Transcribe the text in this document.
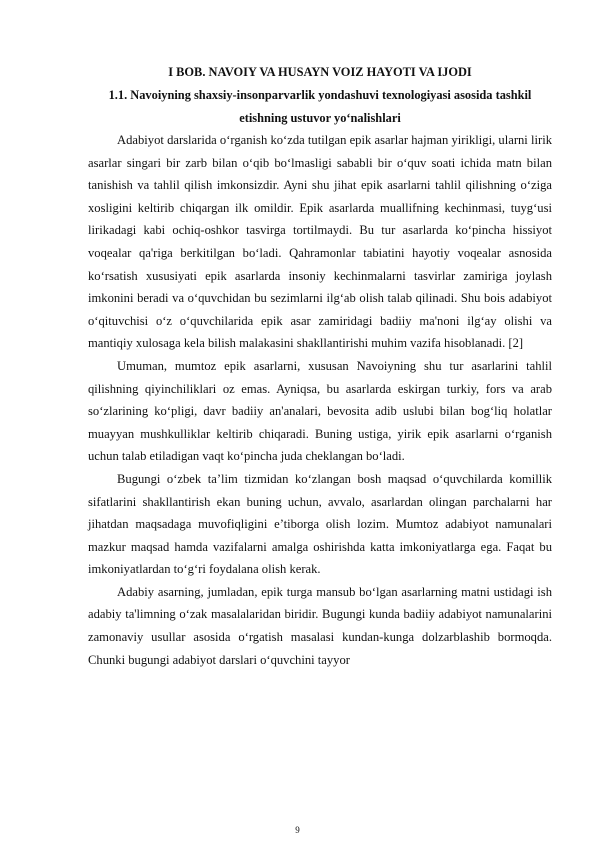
I BOB. NAVOIY VA HUSAYN VOIZ HAYOTI VA IJODI
1.1. Navoiyning shaxsiy-insonparvarlik yondashuvi texnologiyasi asosida tashkil etishning ustuvor yo‘nalishlari

Adabiyot darslarida o‘rganish ko‘zda tutilgan epik asarlar hajman yirikligi, ularni lirik asarlar singari bir zarb bilan o‘qib bo‘lmasligi sababli bir o‘quv soati ichida matn bilan tanishish va tahlil qilish imkonsizdir. Ayni shu jihat epik asarlarni tahlil qilishning o‘ziga xosligini keltirib chiqargan ilk omildir. Epik asarlarda muallifning kechinmasi, tuyg‘usi lirikadagi kabi ochiq-oshkor tasvirga tortilmaydi. Bu tur asarlarda ko‘pincha hissiyot voqealar qa'riga berkitilgan bo‘ladi. Qahramonlar tabiatini hayotiy voqealar asnosida ko‘rsatish xususiyati epik asarlarda insoniy kechinmalarni tasvirlar zamiriga joylash imkonini beradi va o‘quvchidan bu sezimlarni ilg‘ab olish talab qilinadi. Shu bois adabiyot o‘qituvchisi o‘z o‘quvchilarida epik asar zamiridagi badiiy ma'noni ilg‘ay olishi va mantiqiy xulosaga kela bilish malakasini shakllantirishi muhim vazifa hisoblanadi. [2]

Umuman, mumtoz epik asarlarni, xususan Navoiyning shu tur asarlarini tahlil qilishning qiyinchiliklari oz emas. Ayniqsa, bu asarlarda eskirgan turkiy, fors va arab so‘zlarining ko‘pligi, davr badiiy an'analari, bevosita adib uslubi bilan bog‘liq holatlar muayyan mushkulliklar keltirib chiqaradi. Buning ustiga, yirik epik asarlarni o‘rganish uchun talab etiladigan vaqt ko‘pincha juda cheklangan bo‘ladi.

Bugungi o‘zbek ta’lim tizmidan ko‘zlangan bosh maqsad o‘quvchilarda komillik sifatlarini shakllantirish ekan buning uchun, avvalo, asarlardan olingan parchalarni har jihatdan maqsadaga muvofiqligini e’tiborga olish lozim. Mumtoz adabiyot namunalari mazkur maqsad hamda vazifalarni amalga oshirishda katta imkoniyatlarga ega. Faqat bu imkoniyatlardan to‘g‘ri foydalana olish kerak.

Adabiy asarning, jumladan, epik turga mansub bo‘lgan asarlarning matni ustidagi ish adabiy ta'limning o‘zak masalalaridan biridir. Bugungi kunda badiiy adabiyot namunalarini zamonaviy usullar asosida o‘rgatish masalasi kundan-kunga dolzarblashib bormoqda. Chunki bugungi adabiyot darslari o‘quvchini tayyor

9
